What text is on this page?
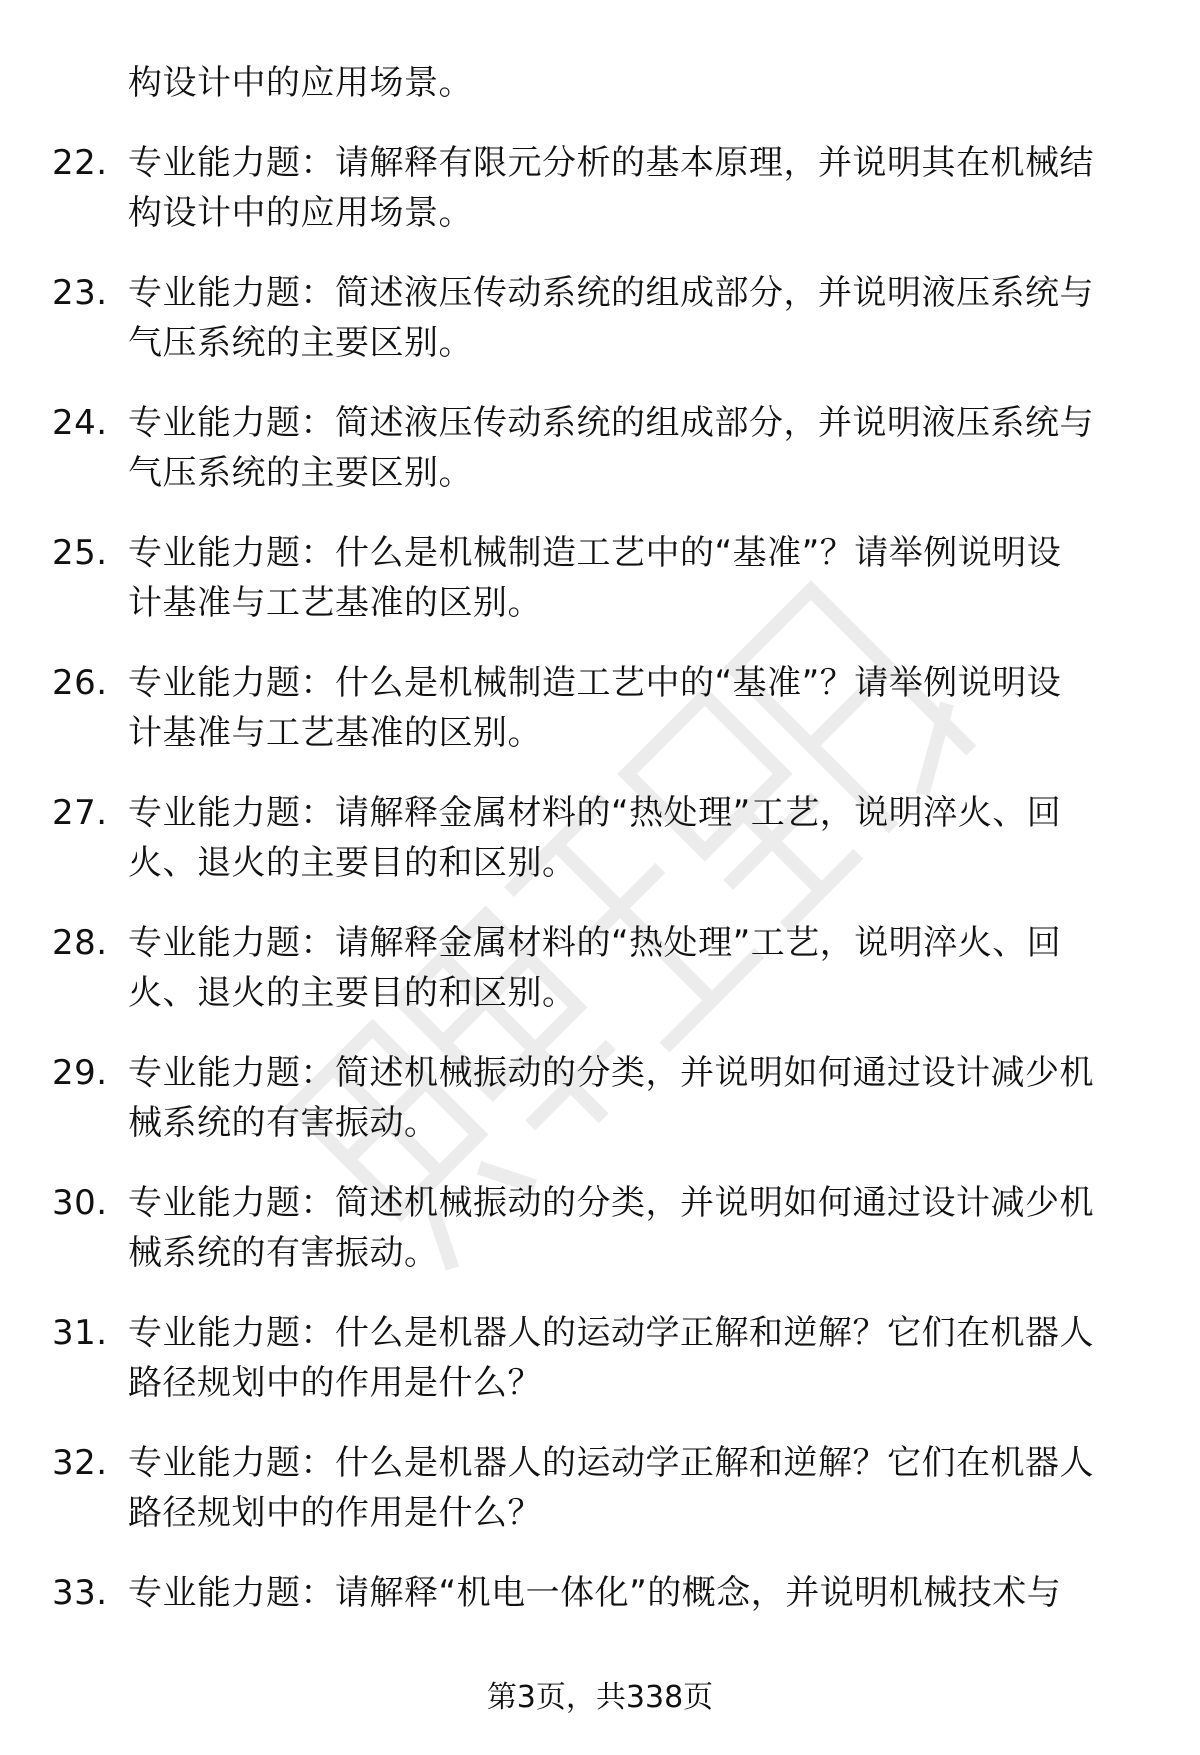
构设计中的应用场景。
22. 专业能力题：请解释有限元分析的基本原理，并说明其在机械结
构设计中的应用场景。
23. 专业能力题：简述液压传动系统的组成部分，并说明液压系统与
气压系统的主要区别。
24. 专业能力题：简述液压传动系统的组成部分，并说明液压系统与
气压系统的主要区别。
25. 专业能力题：什么是机械制造工艺中的“基准”？请举例说明设
计基准与工艺基准的区别。
26. 专业能力题：什么是机械制造工艺中的“基准”？请举例说明设
计基准与工艺基准的区别。
27. 专业能力题：请解释金属材料的“热处理”工艺，说明淬火、回
火、退火的主要目的和区别。
28. 专业能力题：请解释金属材料的“热处理”工艺，说明淬火、回
火、退火的主要目的和区别。
29. 专业能力题：简述机械振动的分类，并说明如何通过设计减少机
械系统的有害振动。
30. 专业能力题：简述机械振动的分类，并说明如何通过设计减少机
械系统的有害振动。
31. 专业能力题：什么是机器人的运动学正解和逆解？它们在机器人
路径规划中的作用是什么？
32. 专业能力题：什么是机器人的运动学正解和逆解？它们在机器人
路径规划中的作用是什么？
33. 专业能力题：请解释“机电一体化”的概念，并说明机械技术与
第3页，共338页
